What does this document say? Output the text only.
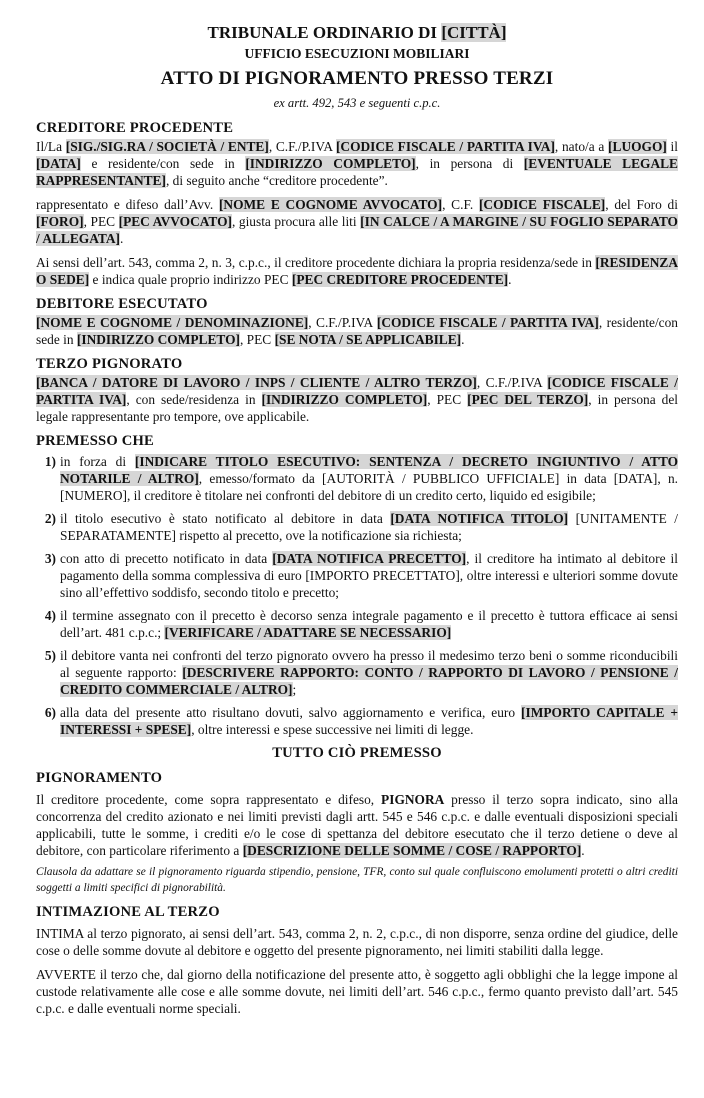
TRIBUNALE ORDINARIO DI [CITTÀ]
UFFICIO ESECUZIONI MOBILIARI
ATTO DI PIGNORAMENTO PRESSO TERZI
ex artt. 492, 543 e seguenti c.p.c.
CREDITORE PROCEDENTE

Il/La [SIG./SIG.RA / SOCIETÀ / ENTE], C.F./P.IVA [CODICE FISCALE / PARTITA IVA], nato/a a [LUOGO] il [DATA] e residente/con sede in [INDIRIZZO COMPLETO], in persona di [EVENTUALE LEGALE RAPPRESENTANTE], di seguito anche “creditore procedente”.

rappresentato e difeso dall’Avv. [NOME E COGNOME AVVOCATO], C.F. [CODICE FISCALE], del Foro di [FORO], PEC [PEC AVVOCATO], giusta procura alle liti [IN CALCE / A MARGINE / SU FOGLIO SEPARATO / ALLEGATA].

Ai sensi dell’art. 543, comma 2, n. 3, c.p.c., il creditore procedente dichiara la propria residenza/sede in [RESIDENZA O SEDE] e indica quale proprio indirizzo PEC [PEC CREDITORE PROCEDENTE].

DEBITORE ESECUTATO

[NOME E COGNOME / DENOMINAZIONE], C.F./P.IVA [CODICE FISCALE / PARTITA IVA], residente/con sede in [INDIRIZZO COMPLETO], PEC [SE NOTA / SE APPLICABILE].

TERZO PIGNORATO

[BANCA / DATORE DI LAVORO / INPS / CLIENTE / ALTRO TERZO], C.F./P.IVA [CODICE FISCALE / PARTITA IVA], con sede/residenza in [INDIRIZZO COMPLETO], PEC [PEC DEL TERZO], in persona del legale rappresentante pro tempore, ove applicabile.

PREMESSO CHE
1) in forza di [INDICARE TITOLO ESECUTIVO: SENTENZA / DECRETO INGIUNTIVO / ATTO NOTARILE / ALTRO], emesso/formato da [AUTORITÀ / PUBBLICO UFFICIALE] in data [DATA], n. [NUMERO], il creditore è titolare nei confronti del debitore di un credito certo, liquido ed esigibile;
2) il titolo esecutivo è stato notificato al debitore in data [DATA NOTIFICA TITOLO] [UNITAMENTE / SEPARATAMENTE] rispetto al precetto, ove la notificazione sia richiesta;
3) con atto di precetto notificato in data [DATA NOTIFICA PRECETTO], il creditore ha intimato al debitore il pagamento della somma complessiva di euro [IMPORTO PRECETTATO], oltre interessi e ulteriori somme dovute sino all’effettivo soddisfo, secondo titolo e precetto;
4) il termine assegnato con il precetto è decorso senza integrale pagamento e il precetto è tuttora efficace ai sensi dell’art. 481 c.p.c.; [VERIFICARE / ADATTARE SE NECESSARIO]
5) il debitore vanta nei confronti del terzo pignorato ovvero ha presso il medesimo terzo beni o somme riconducibili al seguente rapporto: [DESCRIVERE RAPPORTO: CONTO / RAPPORTO DI LAVORO / PENSIONE / CREDITO COMMERCIALE / ALTRO];
6) alla data del presente atto risultano dovuti, salvo aggiornamento e verifica, euro [IMPORTO CAPITALE + INTERESSI + SPESE], oltre interessi e spese successive nei limiti di legge.
TUTTO CIÒ PREMESSO
PIGNORAMENTO

Il creditore procedente, come sopra rappresentato e difeso, PIGNORA presso il terzo sopra indicato, sino alla concorrenza del credito azionato e nei limiti previsti dagli artt. 545 e 546 c.p.c. e dalle eventuali disposizioni speciali applicabili, tutte le somme, i crediti e/o le cose di spettanza del debitore esecutato che il terzo detiene o deve al debitore, con particolare riferimento a [DESCRIZIONE DELLE SOMME / COSE / RAPPORTO].

Clausola da adattare se il pignoramento riguarda stipendio, pensione, TFR, conto sul quale confluiscono emolumenti protetti o altri crediti soggetti a limiti specifici di pignorabilità.

INTIMAZIONE AL TERZO

INTIMA al terzo pignorato, ai sensi dell’art. 543, comma 2, n. 2, c.p.c., di non disporre, senza ordine del giudice, delle cose o delle somme dovute al debitore e oggetto del presente pignoramento, nei limiti stabiliti dalla legge.

AVVERTE il terzo che, dal giorno della notificazione del presente atto, è soggetto agli obblighi che la legge impone al custode relativamente alle cose e alle somme dovute, nei limiti dell’art. 546 c.p.c., fermo quanto previsto dall’art. 545 c.p.c. e dalle eventuali norme speciali.
